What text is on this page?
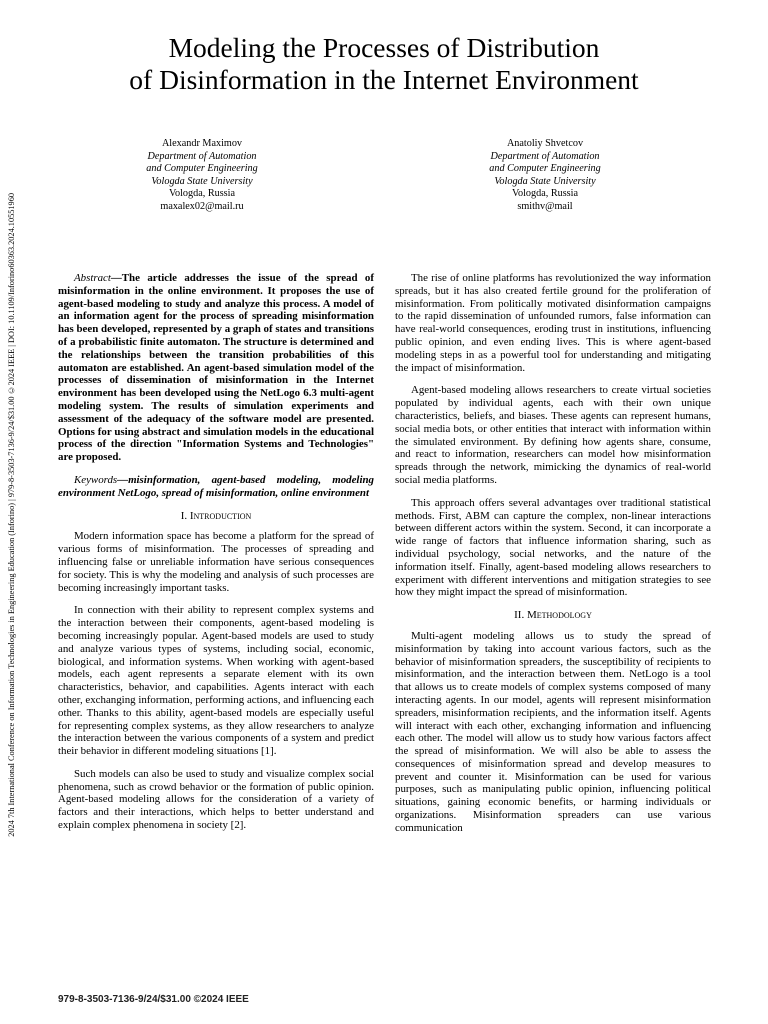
2024 7th International Conference on Information Technologies in Engineering Education (Inforino) | 979-8-3503-7136-9/24/$31.00 ©2024 IEEE | DOI: 10.1109/Inforino60363.2024.10551960
Modeling the Processes of Distribution
of Disinformation in the Internet Environment
Alexandr Maximov
Department of Automation
and Computer Engineering
Vologda State University
Vologda, Russia
maxalex02@mail.ru
Anatoliy Shvetcov
Department of Automation
and Computer Engineering
Vologda State University
Vologda, Russia
smithv@mail

Abstract—The article addresses the issue of the spread of misinformation in the online environment. It proposes the use of agent-based modeling to study and analyze this process. A model of an information agent for the process of spreading misinformation has been developed, represented by a graph of states and transitions of a probabilistic finite automaton. The structure is determined and the relationships between the transition probabilities of this automaton are established. An agent-based simulation model of the processes of dissemination of misinformation in the Internet environment has been developed using the NetLogo 6.3 multi-agent modeling system. The results of simulation experiments and assessment of the adequacy of the software model are presented. Options for using abstract and simulation models in the educational process of the direction "Information Systems and Technologies" are proposed.

Keywords—misinformation, agent-based modeling, modeling environment NetLogo, spread of misinformation, online environment

I. Introduction

Modern information space has become a platform for the spread of various forms of misinformation. The processes of spreading and influencing false or unreliable information have serious consequences for society. This is why the modeling and analysis of such processes are becoming increasingly important tasks.

In connection with their ability to represent complex systems and the interaction between their components, agent-based modeling is becoming increasingly popular. Agent-based models are used to study and analyze various types of systems, including social, economic, biological, and information systems. When working with agent-based models, each agent represents a separate element with its own characteristics, behavior, and capabilities. Agents interact with each other, exchanging information, performing actions, and influencing each other. Thanks to this ability, agent-based models are especially useful for representing complex systems, as they allow researchers to analyze the interaction between the various components of a system and predict their behavior in different modeling situations [1].

Such models can also be used to study and visualize complex social phenomena, such as crowd behavior or the formation of public opinion. Agent-based modeling allows for the consideration of a variety of factors and their interactions, which helps to better understand and explain complex phenomena in society [2].

The rise of online platforms has revolutionized the way information spreads, but it has also created fertile ground for the proliferation of misinformation. From politically motivated disinformation campaigns to the rapid dissemination of unfounded rumors, false information can have real-world consequences, eroding trust in institutions, influencing public opinion, and even ending lives. This is where agent-based modeling steps in as a powerful tool for understanding and mitigating the impact of misinformation.

Agent-based modeling allows researchers to create virtual societies populated by individual agents, each with their own unique characteristics, beliefs, and biases. These agents can represent humans, social media bots, or other entities that interact with information within the simulated environment. By defining how agents share, consume, and react to information, researchers can model how misinformation spreads through the network, mimicking the dynamics of real-world social media platforms.

This approach offers several advantages over traditional statistical methods. First, ABM can capture the complex, non-linear interactions between different actors within the system. Second, it can incorporate a wide range of factors that influence information sharing, such as individual psychology, social networks, and the nature of the information itself. Finally, agent-based modeling allows researchers to experiment with different interventions and mitigation strategies to see how they might impact the spread of misinformation.

II. Methodology

Multi-agent modeling allows us to study the spread of misinformation by taking into account various factors, such as the behavior of misinformation spreaders, the susceptibility of recipients to misinformation, and the interaction between them. NetLogo is a tool that allows us to create models of complex systems composed of many interacting agents. In our model, agents will represent misinformation spreaders, misinformation recipients, and the information itself. Agents will interact with each other, exchanging information and influencing each other. The model will allow us to study how various factors affect the spread of misinformation. We will also be able to assess the consequences of misinformation spread and develop measures to prevent and counter it. Misinformation can be used for various purposes, such as manipulating public opinion, influencing political situations, gaining economic benefits, or harming individuals or organizations. Misinformation spreaders can use various communication

979-8-3503-7136-9/24/$31.00 ©2024 IEEE
